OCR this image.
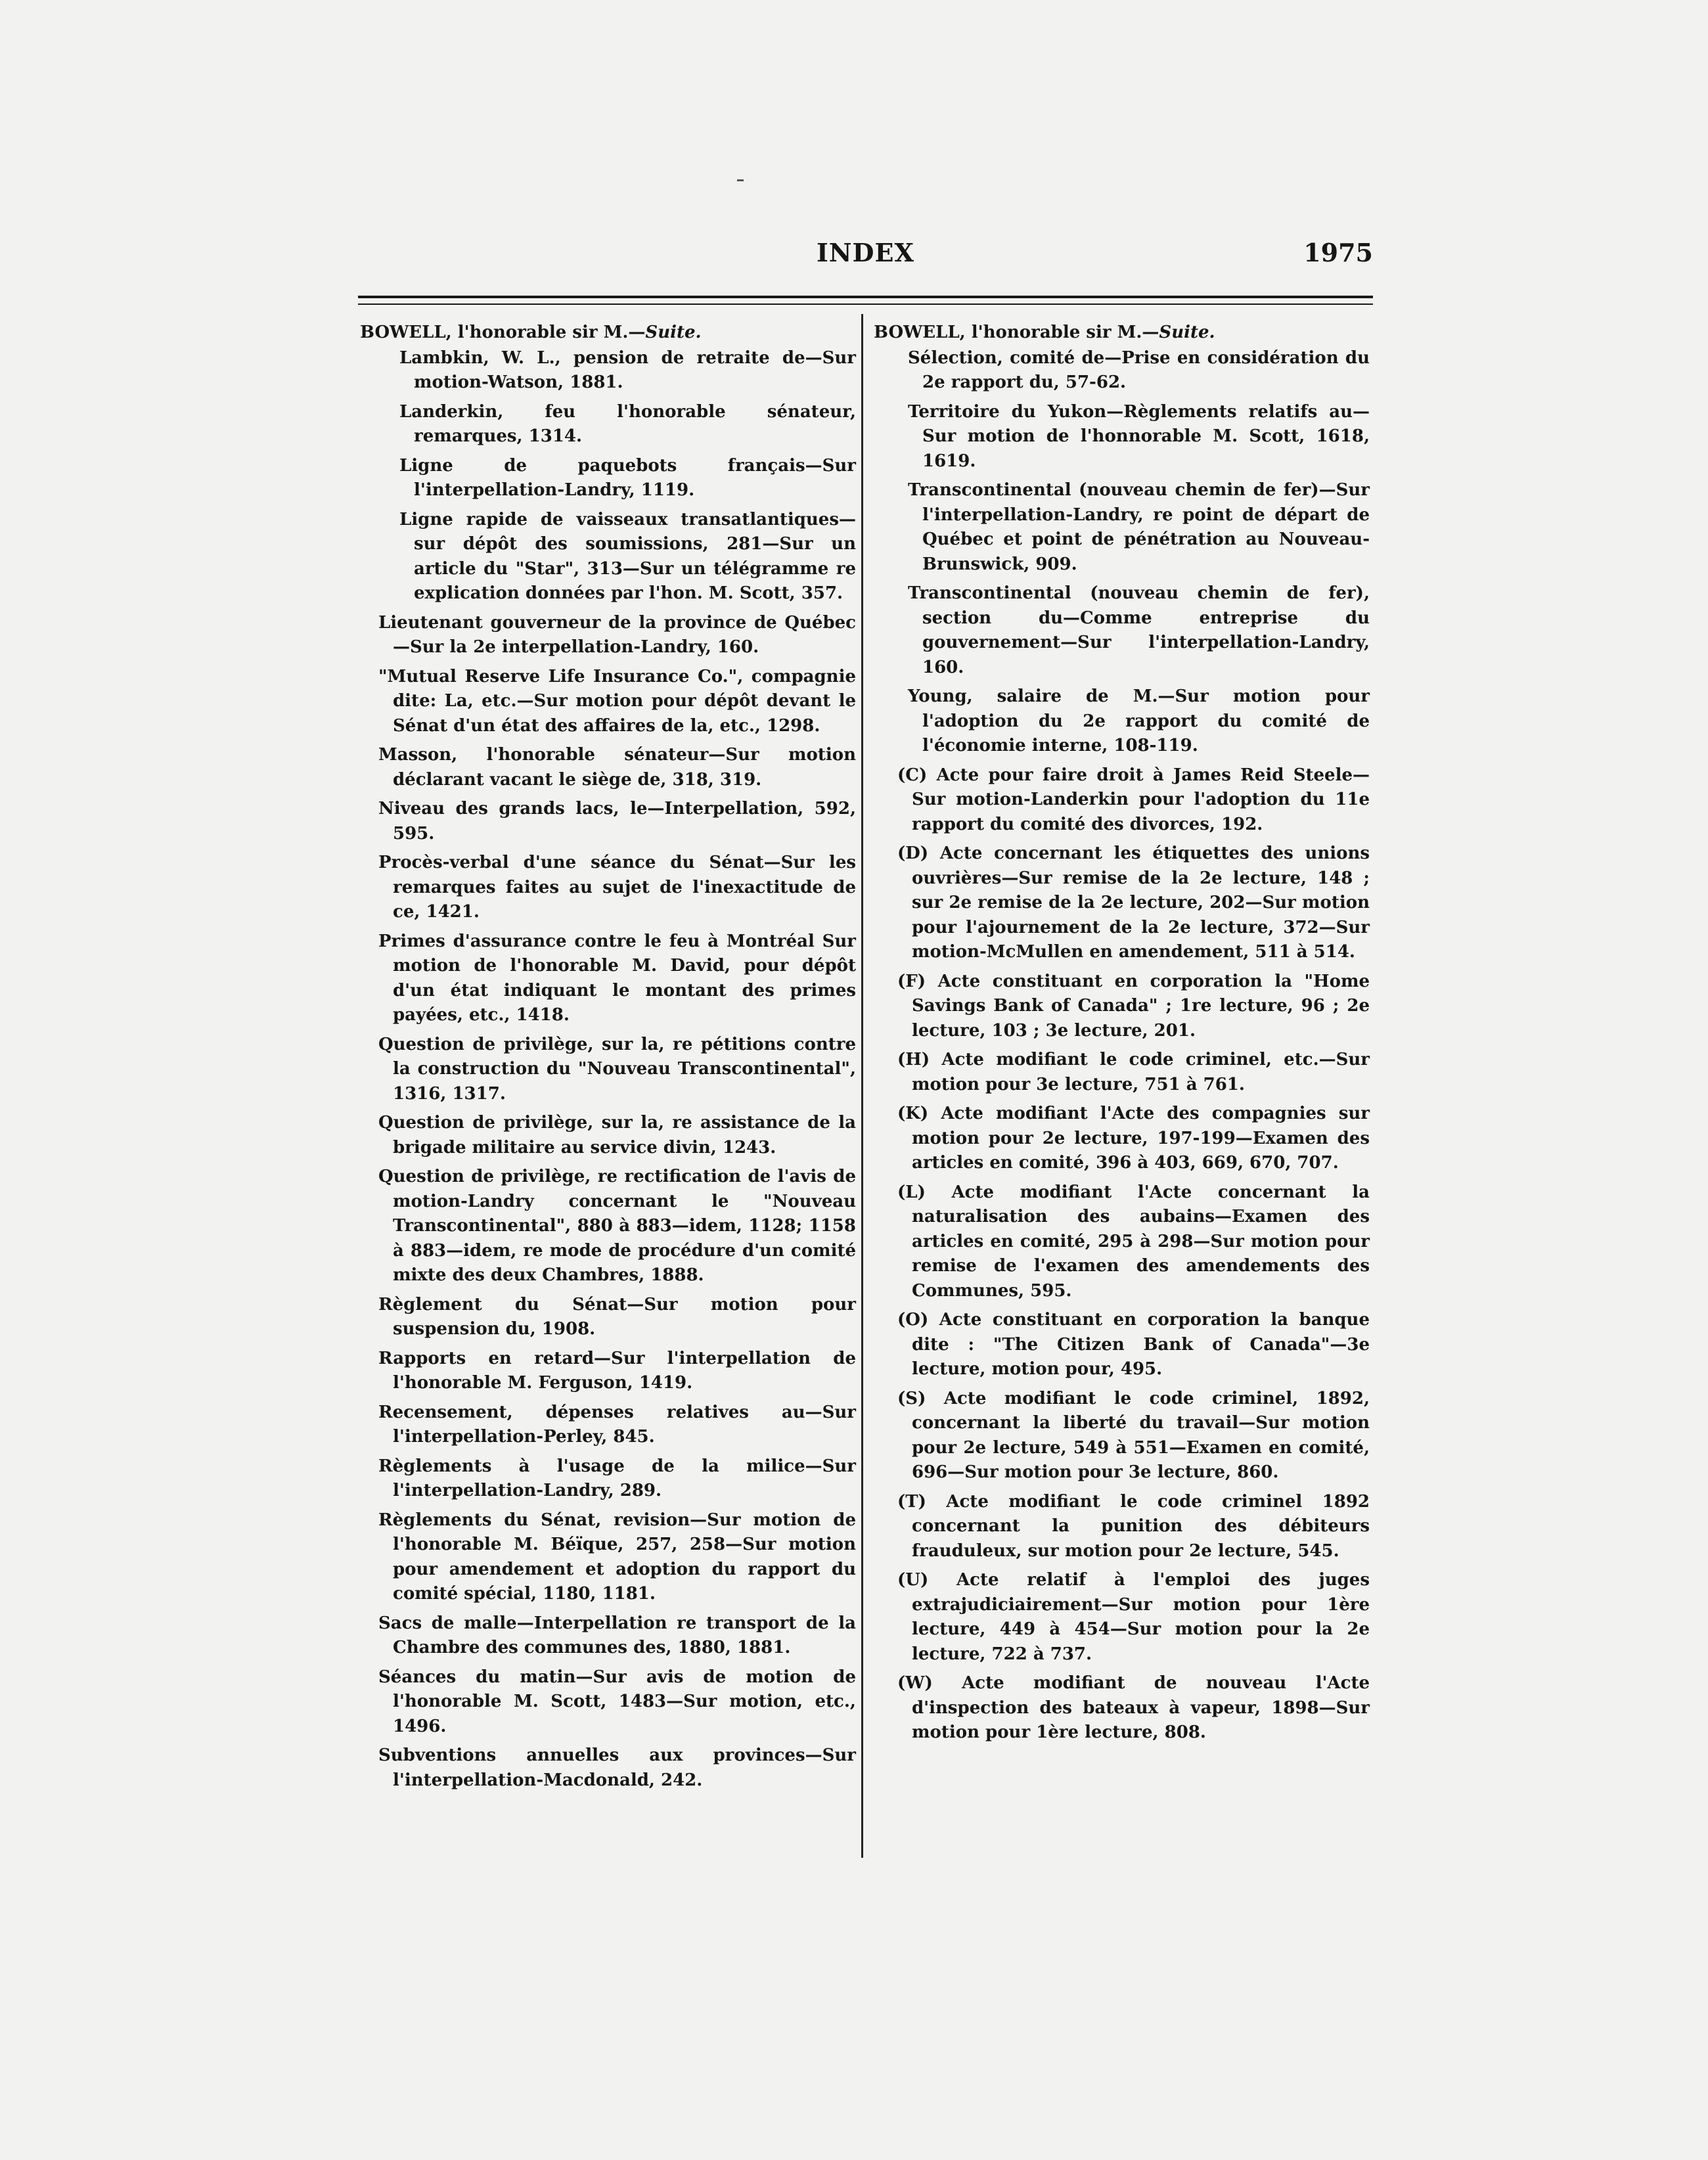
INDEX	1975
BOWELL, l'honorable sir M.—Suite.
Lambkin, W. L., pension de retraite de—Sur motion-Watson, 1881.
Landerkin, feu l'honorable sénateur, remarques, 1314.
Ligne de paquebots français—Sur l'interpellation-Landry, 1119.
Ligne rapide de vaisseaux transatlantiques—sur dépôt des soumissions, 281—Sur un article du "Star", 313—Sur un télégramme re explication données par l'hon. M. Scott, 357.
Lieutenant gouverneur de la province de Québec—Sur la 2e interpellation-Landry, 160.
"Mutual Reserve Life Insurance Co.", compagnie dite: La, etc.—Sur motion pour dépôt devant le Sénat d'un état des affaires de la, etc., 1298.
Masson, l'honorable sénateur—Sur motion déclarant vacant le siège de, 318, 319.
Niveau des grands lacs, le—Interpellation, 592, 595.
Procès-verbal d'une séance du Sénat—Sur les remarques faites au sujet de l'inexactitude de ce, 1421.
Primes d'assurance contre le feu à Montréal Sur motion de l'honorable M. David, pour dépôt d'un état indiquant le montant des primes payées, etc., 1418.
Question de privilège, sur la, re pétitions contre la construction du "Nouveau Transcontinental", 1316, 1317.
Question de privilège, sur la, re assistance de la brigade militaire au service divin, 1243.
Question de privilège, re rectification de l'avis de motion-Landry concernant le "Nouveau Transcontinental", 880 à 883—idem, 1128; 1158 à 883—idem, re mode de procédure d'un comité mixte des deux Chambres, 1888.
Règlement du Sénat—Sur motion pour suspension du, 1908.
Rapports en retard—Sur l'interpellation de l'honorable M. Ferguson, 1419.
Recensement, dépenses relatives au—Sur l'interpellation-Perley, 845.
Règlements à l'usage de la milice—Sur l'interpellation-Landry, 289.
Règlements du Sénat, revision—Sur motion de l'honorable M. Béïque, 257, 258—Sur motion pour amendement et adoption du rapport du comité spécial, 1180, 1181.
Sacs de malle—Interpellation re transport de la Chambre des communes des, 1880, 1881.
Séances du matin—Sur avis de motion de l'honorable M. Scott, 1483—Sur motion, etc., 1496.
Subventions annuelles aux provinces—Sur l'interpellation-Macdonald, 242.
BOWELL, l'honorable sir M.—Suite.
Sélection, comité de—Prise en considération du 2e rapport du, 57-62.
Territoire du Yukon—Règlements relatifs au—Sur motion de l'honnorable M. Scott, 1618, 1619.
Transcontinental (nouveau chemin de fer)—Sur l'interpellation-Landry, re point de départ de Québec et point de pénétration au Nouveau-Brunswick, 909.
Transcontinental (nouveau chemin de fer), section du—Comme entreprise du gouvernement—Sur l'interpellation-Landry, 160.
Young, salaire de M.—Sur motion pour l'adoption du 2e rapport du comité de l'économie interne, 108-119.
(C) Acte pour faire droit à James Reid Steele—Sur motion-Landerkin pour l'adoption du 11e rapport du comité des divorces, 192.
(D) Acte concernant les étiquettes des unions ouvrières—Sur remise de la 2e lecture, 148 ; sur 2e remise de la 2e lecture, 202—Sur motion pour l'ajournement de la 2e lecture, 372—Sur motion-McMullen en amendement, 511 à 514.
(F) Acte constituant en corporation la "Home Savings Bank of Canada" ; 1re lecture, 96 ; 2e lecture, 103 ; 3e lecture, 201.
(H) Acte modifiant le code criminel, etc.—Sur motion pour 3e lecture, 751 à 761.
(K) Acte modifiant l'Acte des compagnies sur motion pour 2e lecture, 197-199—Examen des articles en comité, 396 à 403, 669, 670, 707.
(L) Acte modifiant l'Acte concernant la naturalisation des aubains—Examen des articles en comité, 295 à 298—Sur motion pour remise de l'examen des amendements des Communes, 595.
(O) Acte constituant en corporation la banque dite : "The Citizen Bank of Canada"—3e lecture, motion pour, 495.
(S) Acte modifiant le code criminel, 1892, concernant la liberté du travail—Sur motion pour 2e lecture, 549 à 551—Examen en comité, 696—Sur motion pour 3e lecture, 860.
(T) Acte modifiant le code criminel 1892 concernant la punition des débiteurs frauduleux, sur motion pour 2e lecture, 545.
(U) Acte relatif à l'emploi des juges extrajudiciairement—Sur motion pour 1ère lecture, 449 à 454—Sur motion pour la 2e lecture, 722 à 737.
(W) Acte modifiant de nouveau l'Acte d'inspection des bateaux à vapeur, 1898—Sur motion pour 1ère lecture, 808.
